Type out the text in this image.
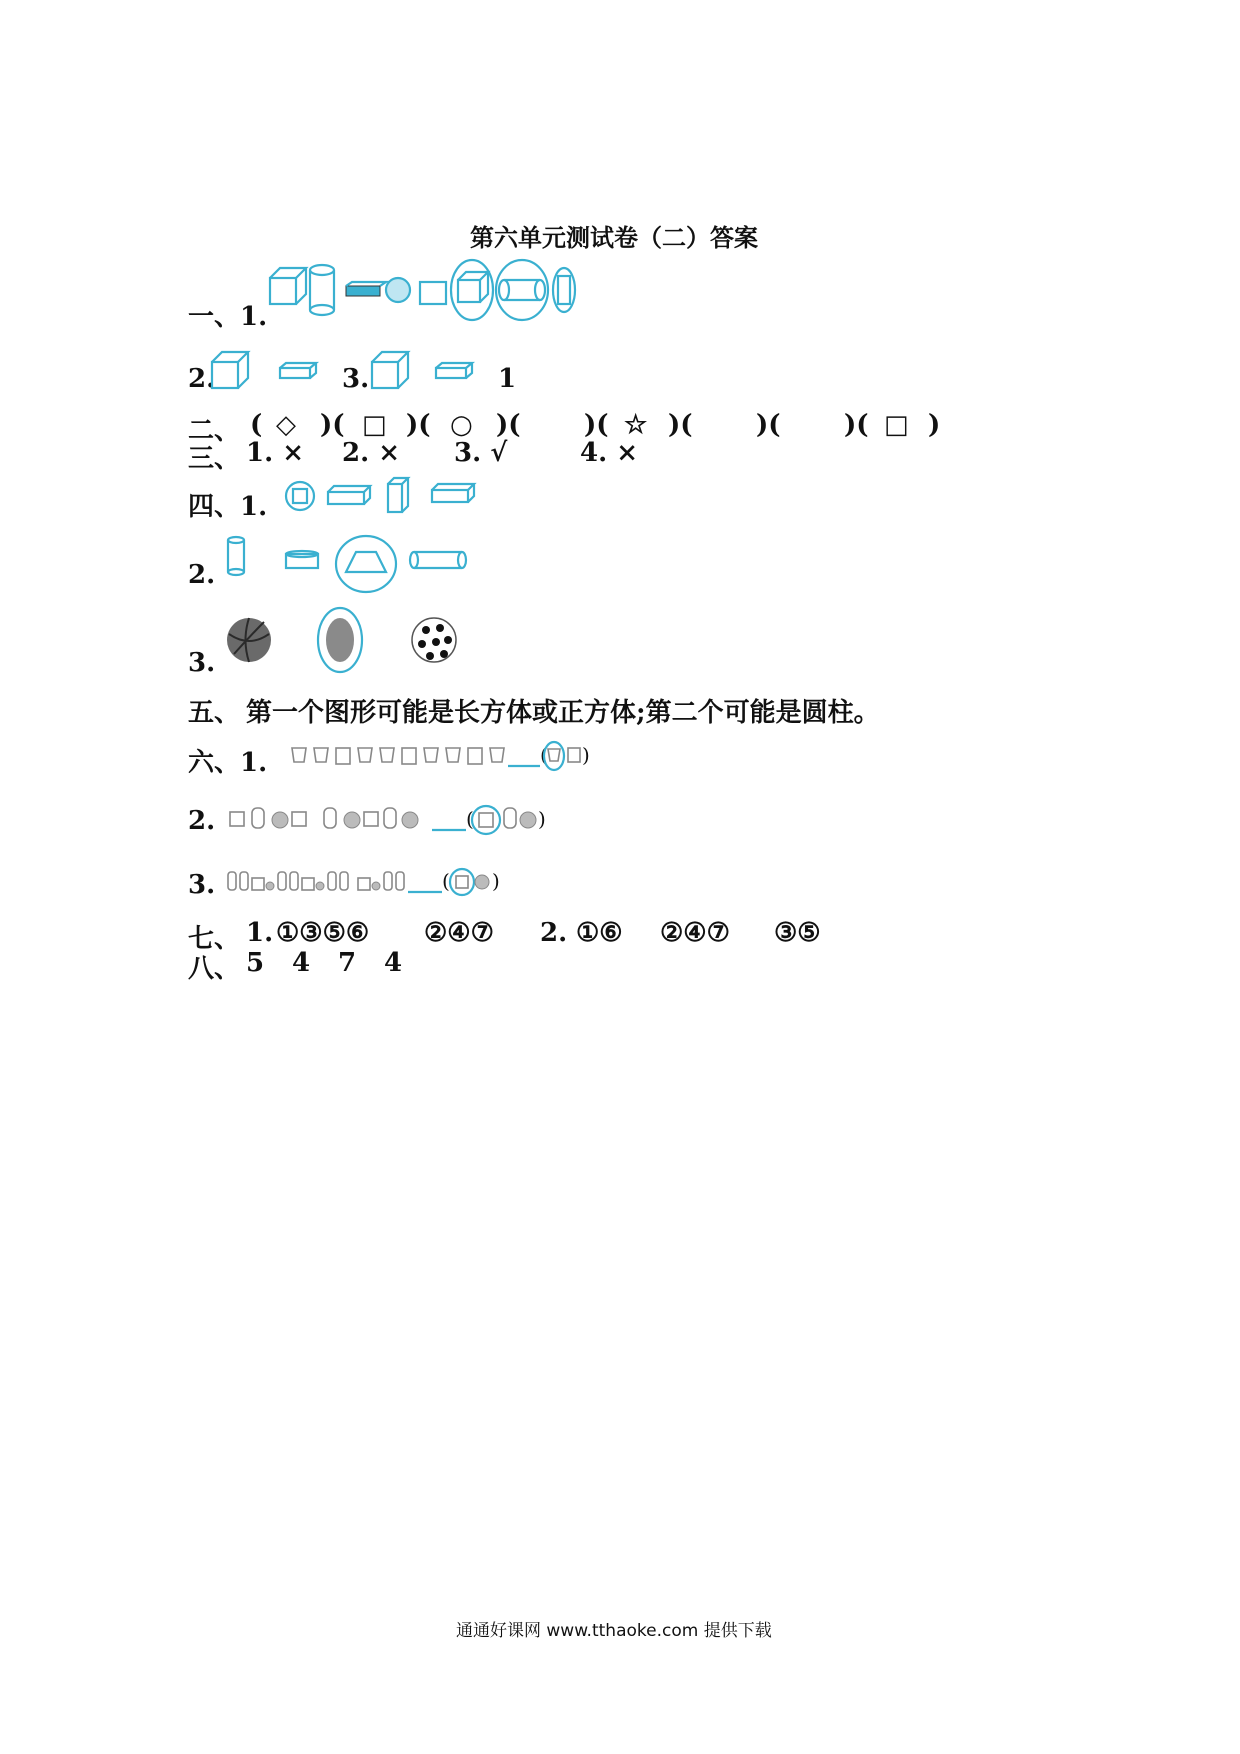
第六单元测试卷（二）答案
一、1.
2.	3.	1
二、 ( ◇ )( □ )( ○ )( )( ☆ )( )( )( □ )
三、 1. × 2. × 3. √	4. ×
四、1.
2.
3.
五、 第一个图形可能是长方体或正方体;第二个可能是圆柱。
六、1.	( )
2.	(	)
3.	( )
七、 1. ①③⑤⑥ ②④⑦ 2. ①⑥ ②④⑦ ③⑤
八、 5 4 7 4
通通好课网 www.tthaoke.com 提供下载
